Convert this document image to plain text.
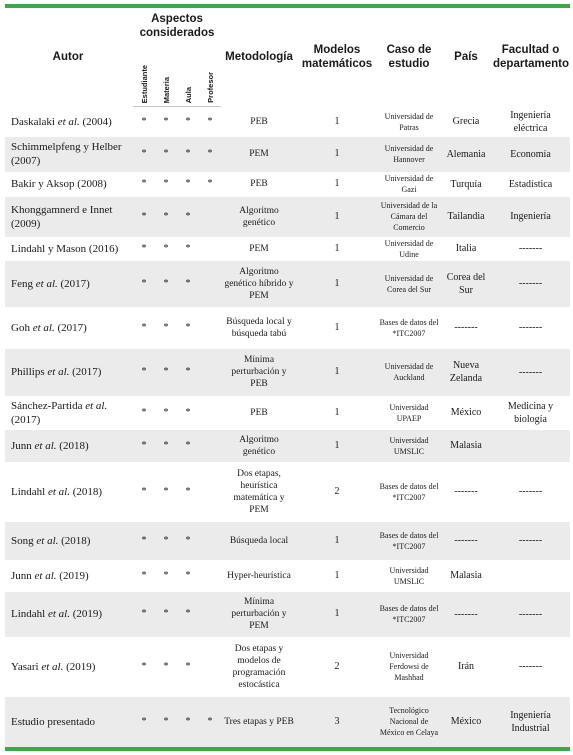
Autor	Aspectos
considerados				Metodología	Modelos
matemáticos	Caso de
estudio	País	Facultad o
departamento
	Estudiante	Materia	Aula	Profesor					
Daskalaki et al. (2004)	*	*	*	*	PEB	1	Universidad de Patras	Grecia	Ingeniería eléctrica
Schimmelpfeng y Helber (2007)	*	*	*	*	PEM	1	Universidad de Hannover	Alemania	Economía
Bakir y Aksop (2008)	*	*	*	*	PEB	1	Universidad de Gazi	Turquía	Estadística
Khonggamnerd e Innet (2009)	*	*	*		Algoritmo genético	1	Universidad de la Cámara del Comercio	Tailandia	Ingeniería
Lindahl y Mason (2016)	*	*	*		PEM	1	Universidad de Udine	Italia	-------
Feng et al. (2017)	*	*	*		Algoritmo genético híbrido y PEM	1	Universidad de Corea del Sur	Corea del Sur	-------
Goh et al. (2017)	*	*	*		Búsqueda local y búsqueda tabú	1	Bases de datos del *ITC2007	-------	-------
Phillips et al. (2017)	*	*	*		Mínima perturbación y PEB	1	Universidad de Auckland	Nueva Zelanda	-------
Sánchez-Partida et al. (2017)	*	*	*		PEB	1	Universidad UPAEP	México	Medicina y biología
Junn et al. (2018)	*	*	*		Algoritmo genético	1	Universidad UMSLIC	Malasia	
Lindahl et al. (2018)	*	*	*		Dos etapas, heurística matemática y PEM	2	Bases de datos del *ITC2007	-------	-------
Song et al. (2018)	*	*	*		Búsqueda local	1	Bases de datos del *ITC2007	-------	-------
Junn et al. (2019)	*	*	*		Hyper-heurística	1	Universidad UMSLIC	Malasia	
Lindahl et al. (2019)	*	*	*		Mínima perturbación y PEM	1	Bases de datos del *ITC2007	-------	-------
Yasari et al. (2019)	*	*	*		Dos etapas y modelos de programación estocástica	2	Universidad Ferdowsi de Mashhad	Irán	-------
Estudio presentado	*	*	*	*	Tres etapas y PEB	3	Tecnológico Nacional de México en Celaya	México	Ingeniería Industrial
